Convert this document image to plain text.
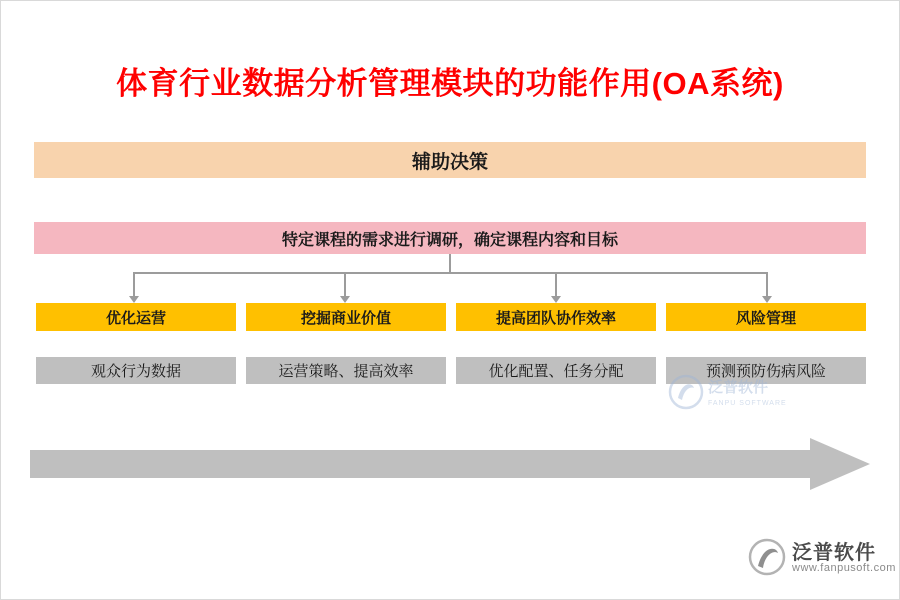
体育行业数据分析管理模块的功能作用(OA系统)
辅助决策
特定课程的需求进行调研，确定课程内容和目标
优化运营	挖掘商业价值	提高团队协作效率	风险管理
观众行为数据	运营策略、提高效率	优化配置、任务分配	预测预防伤病风险
泛普软件
FANPU SOFTWARE
泛普软件
www.fanpusoft.com
